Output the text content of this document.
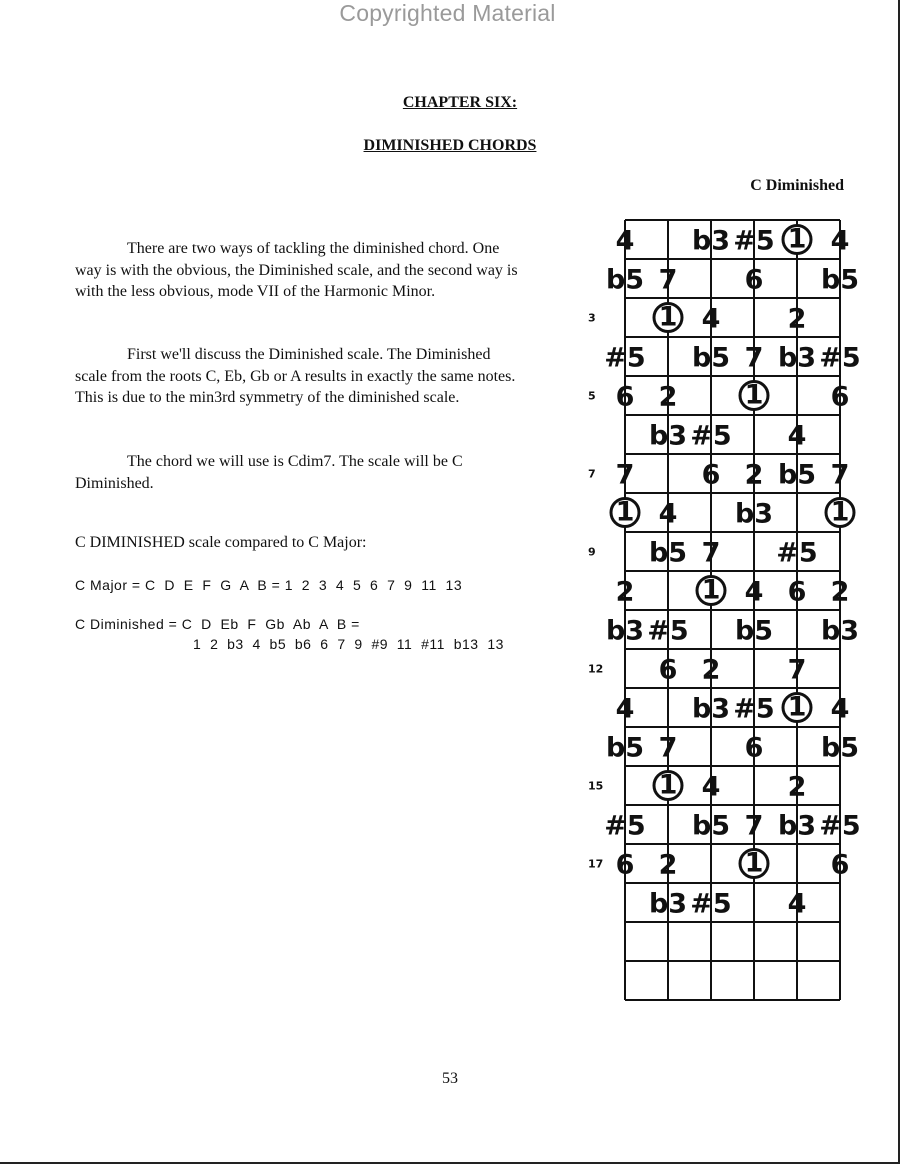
Copyrighted Material
CHAPTER SIX:
DIMINISHED CHORDS
C Diminished
There are two ways of tackling the diminished chord. One way is with the obvious, the Diminished scale, and the second way is with the less obvious, mode VII of the Harmonic Minor.
First we'll discuss the Diminished scale. The Diminished scale from the roots C, Eb, Gb or A results in exactly the same notes. This is due to the min3rd symmetry of the diminished scale.
The chord we will use is Cdim7. The scale will be C Diminished.
C DIMINISHED scale compared to C Major:
C Major = C  D  E  F  G  A  B = 1  2  3  4  5  6  7  9  11  13
C Diminished = C  D  Eb  F  Gb  Ab  A  B =
1  2  b3  4  b5  b6  6  7  9  #9  11  #11  b13  13
3
5
7
9
12
15
17
4 b3 #5 1 4
b5 7 6 b5
1 4 2
#5 b5 7 b3 #5
6 2 1 6
b3 #5 4
7 6 2 b5 7
1 4 b3 1
b5 7 #5
2 1 4 6 2
b3 #5 b5 b3
6 2 7
4 b3 #5 1 4
b5 7 6 b5
1 4 2
#5 b5 7 b3 #5
6 2 1 6
b3 #5 4
53
